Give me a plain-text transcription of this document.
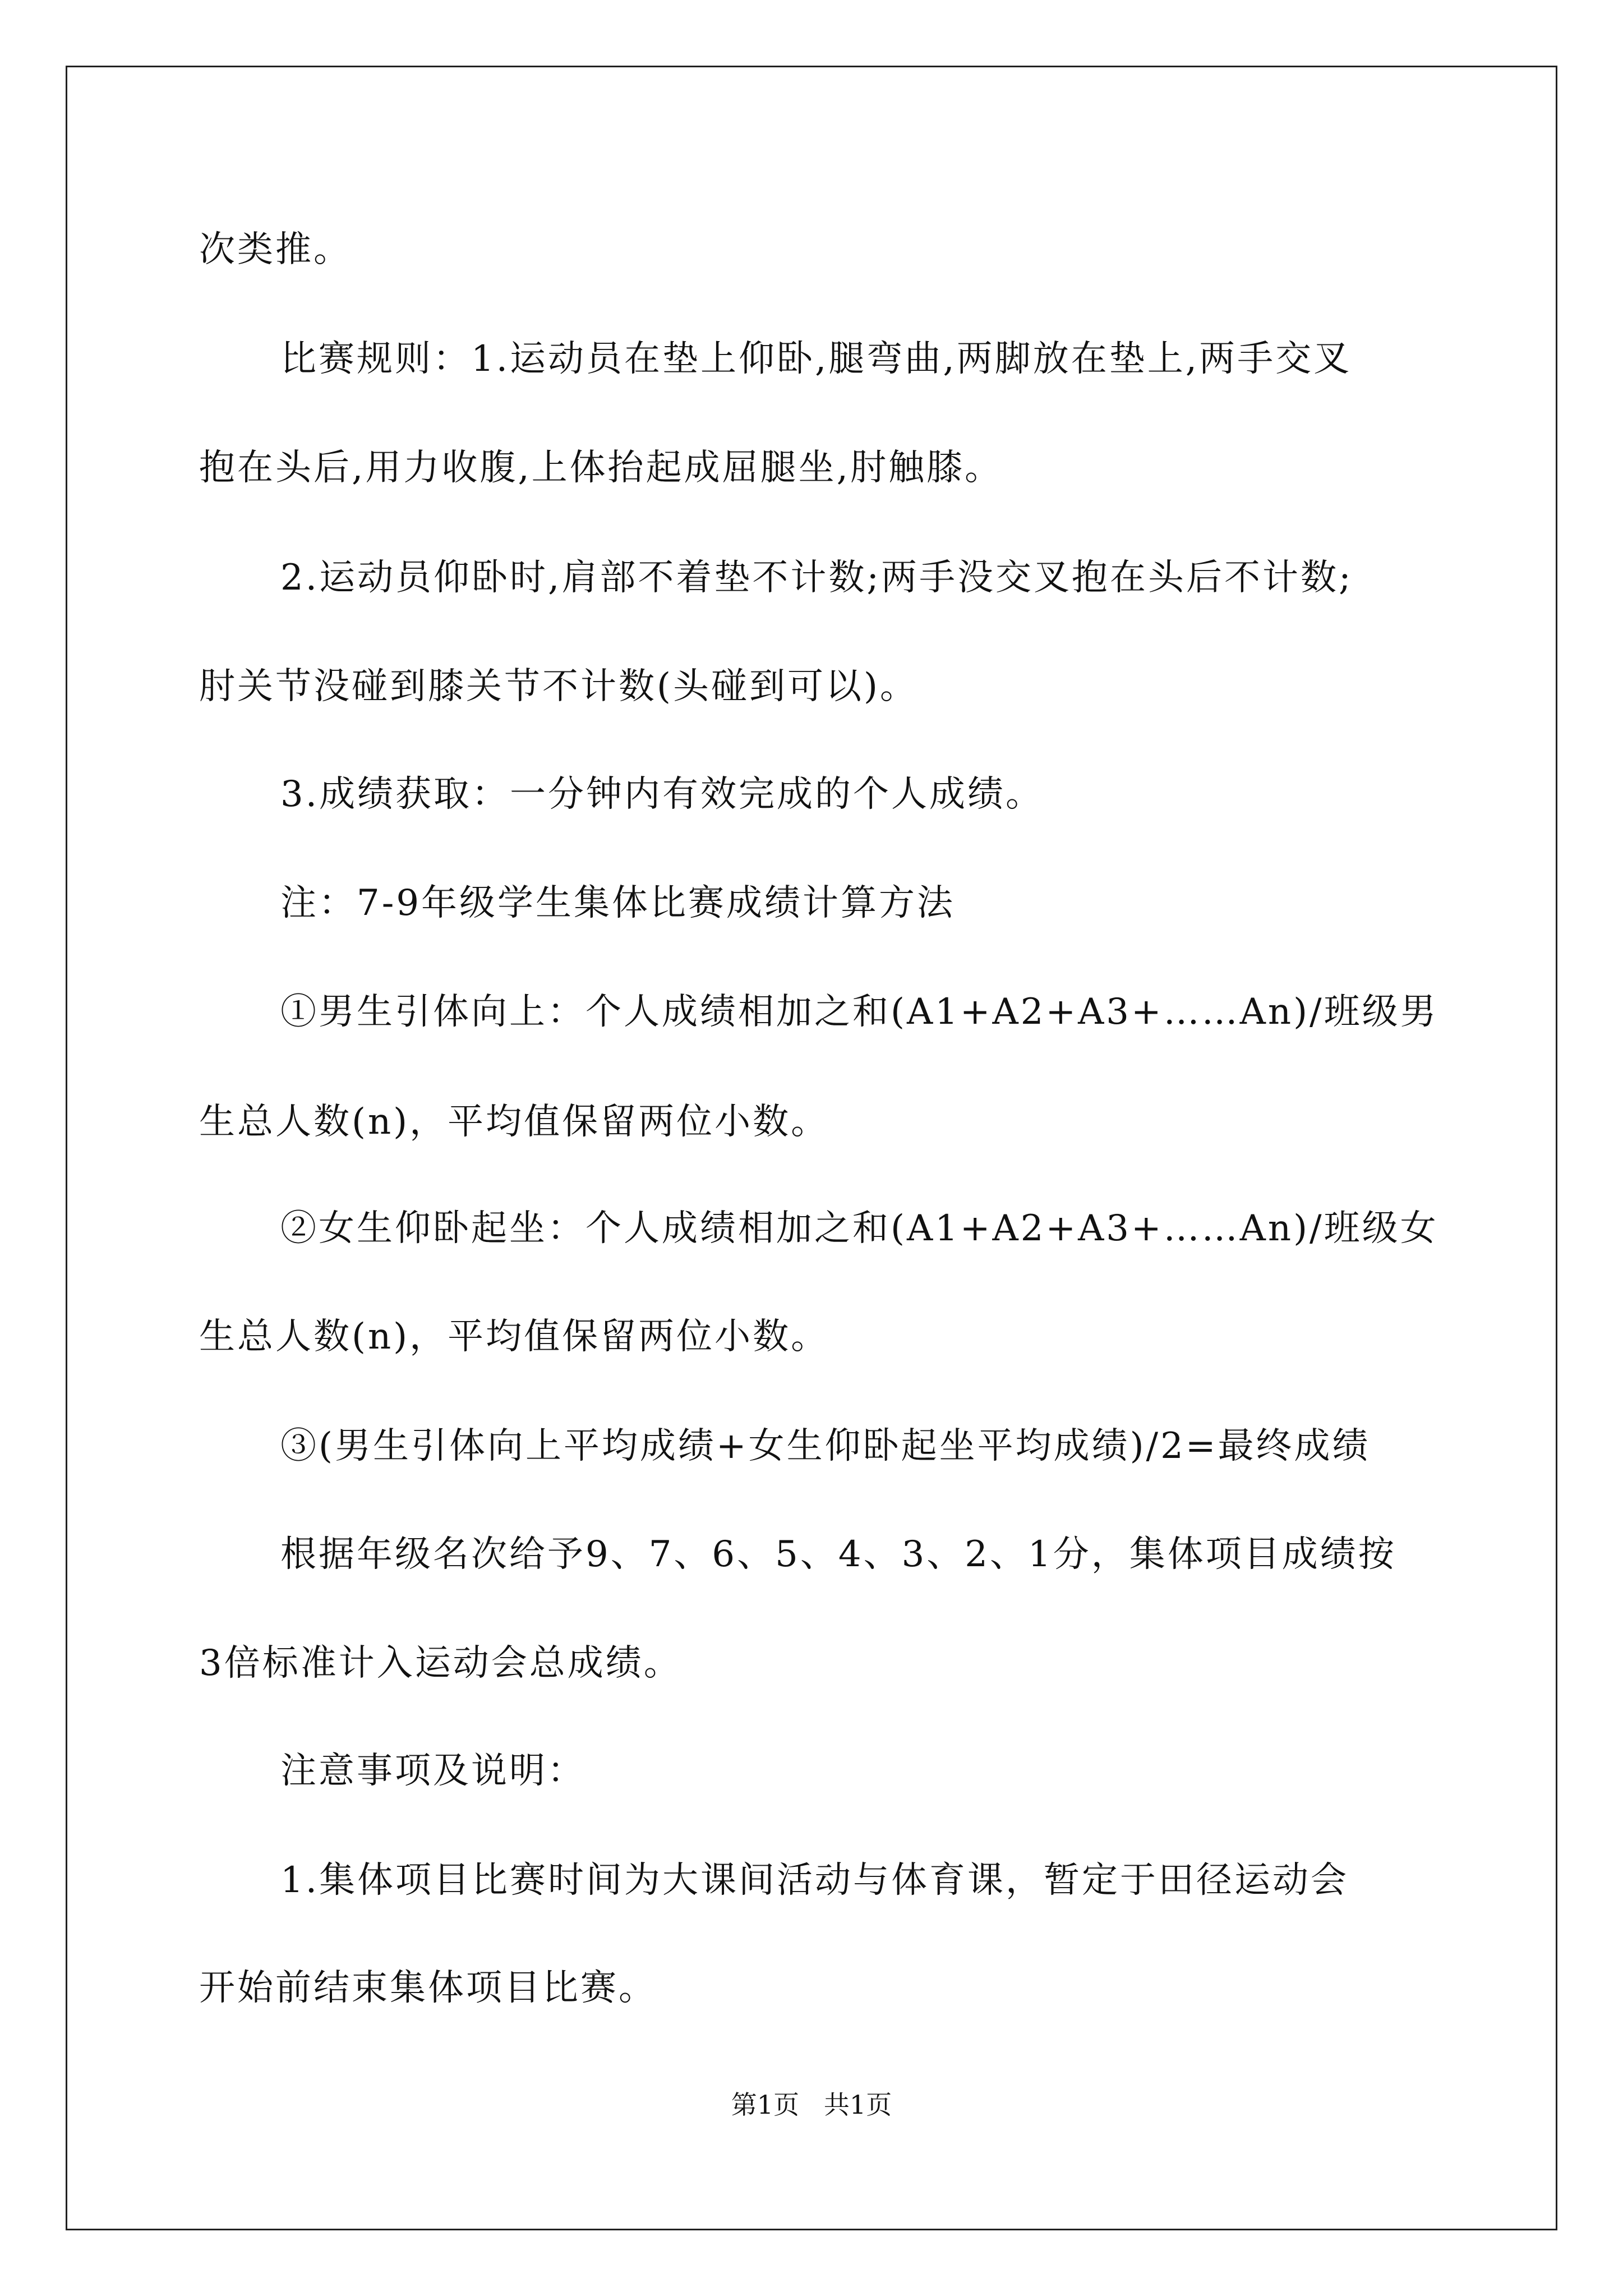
次类推。
比赛规则：1.运动员在垫上仰卧,腿弯曲,两脚放在垫上,两手交叉
抱在头后,用力收腹,上体抬起成屈腿坐,肘触膝。
2.运动员仰卧时,肩部不着垫不计数;两手没交叉抱在头后不计数;
肘关节没碰到膝关节不计数(头碰到可以)。
3.成绩获取：一分钟内有效完成的个人成绩。
注：7-9年级学生集体比赛成绩计算方法
①男生引体向上：个人成绩相加之和(A1+A2+A3+……An)/班级男
生总人数(n)，平均值保留两位小数。
②女生仰卧起坐：个人成绩相加之和(A1+A2+A3+……An)/班级女
生总人数(n)，平均值保留两位小数。
③(男生引体向上平均成绩+女生仰卧起坐平均成绩)/2=最终成绩
根据年级名次给予9、7、6、5、4、3、2、1分，集体项目成绩按
3倍标准计入运动会总成绩。
注意事项及说明：
1.集体项目比赛时间为大课间活动与体育课，暂定于田径运动会
开始前结束集体项目比赛。
第1页   共1页
